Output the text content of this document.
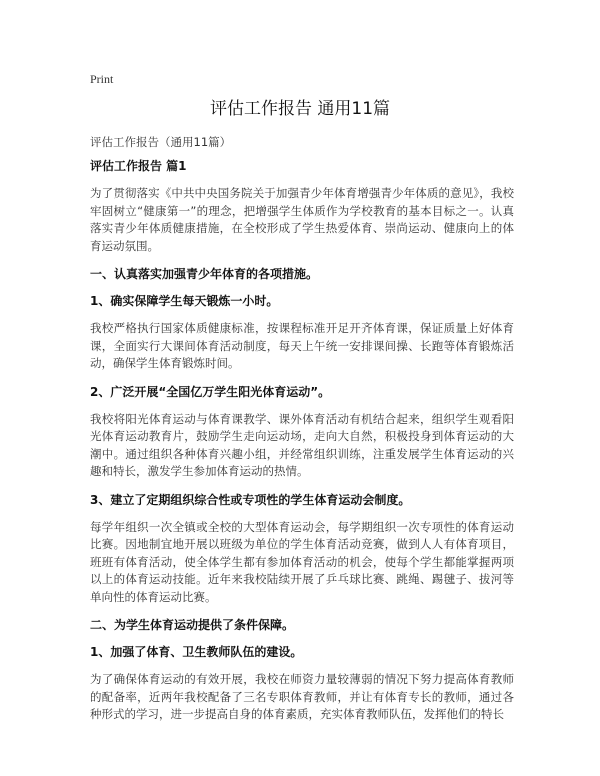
Print
评估工作报告 通用11篇
评估工作报告（通用11篇）
评估工作报告 篇1
为了贯彻落实《中共中央国务院关于加强青少年体育增强青少年体质的意见》，我校牢固树立“健康第一”的理念，把增强学生体质作为学校教育的基本目标之一。认真落实青少年体质健康措施，在全校形成了学生热爱体育、崇尚运动、健康向上的体育运动氛围。
一、认真落实加强青少年体育的各项措施。
1、确实保障学生每天锻炼一小时。
我校严格执行国家体质健康标准，按课程标准开足开齐体育课，保证质量上好体育课，全面实行大课间体育活动制度，每天上午统一安排课间操、长跑等体育锻炼活动，确保学生体育锻炼时间。
2、广泛开展“全国亿万学生阳光体育运动”。
我校将阳光体育运动与体育课教学、课外体育活动有机结合起来，组织学生观看阳光体育运动教育片，鼓励学生走向运动场，走向大自然，积极投身到体育运动的大潮中。通过组织各种体育兴趣小组，并经常组织训练，注重发展学生体育运动的兴趣和特长，激发学生参加体育运动的热情。
3、建立了定期组织综合性或专项性的学生体育运动会制度。
每学年组织一次全镇或全校的大型体育运动会，每学期组织一次专项性的体育运动比赛。因地制宜地开展以班级为单位的学生体育活动竞赛，做到人人有体育项目，班班有体育活动，使全体学生都有参加体育活动的机会，使每个学生都能掌握两项以上的体育运动技能。近年来我校陆续开展了乒乓球比赛、跳绳、踢毽子、拔河等单向性的体育运动比赛。
二、为学生体育运动提供了条件保障。
1、加强了体育、卫生教师队伍的建设。
为了确保体育运动的有效开展，我校在师资力量较薄弱的情况下努力提高体育教师的配备率，近两年我校配备了三名专职体育教师，并让有体育专长的教师，通过各种形式的学习，进一步提高自身的体育素质，充实体育教师队伍，发挥他们的特长
